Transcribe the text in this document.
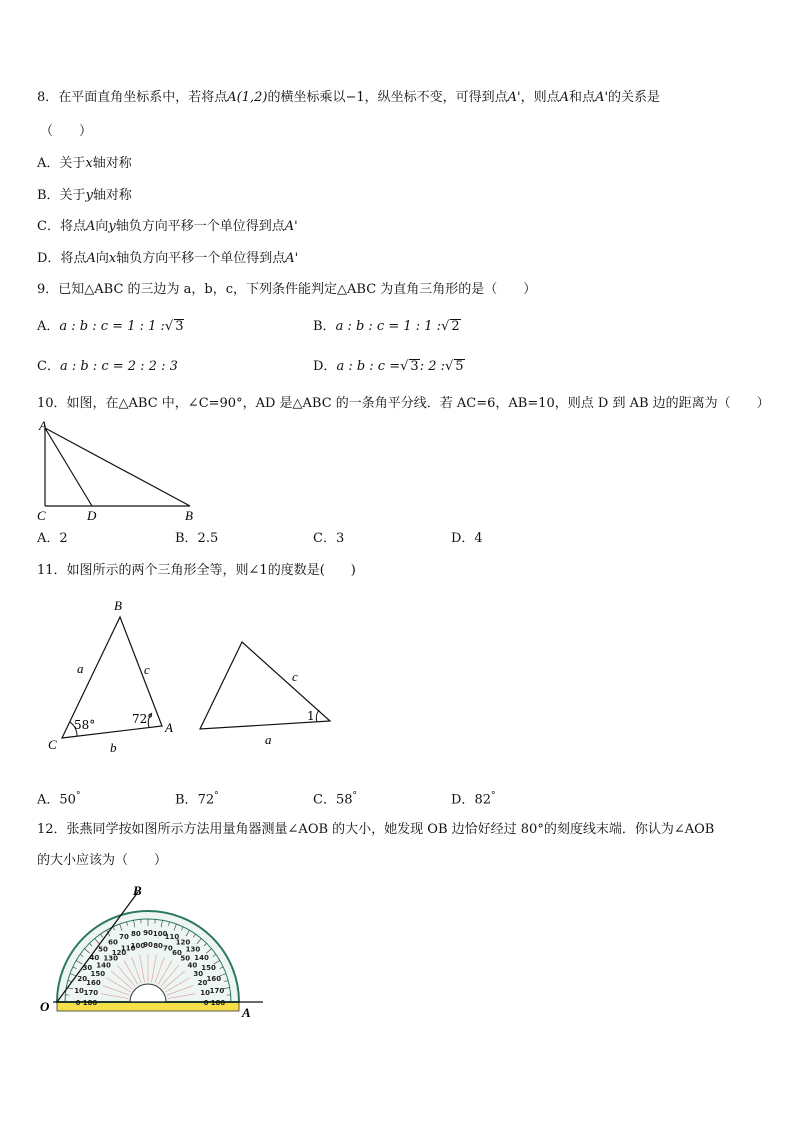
8．在平面直角坐标系中，若将点A(1,2)的横坐标乘以−1，纵坐标不变，可得到点A'，则点A和点A'的关系是
（　　）
A．关于x轴对称
B．关于y轴对称
C．将点A向y轴负方向平移一个单位得到点A'
D．将点A向x轴负方向平移一个单位得到点A'
9．已知△ABC 的三边为 a，b，c，下列条件能判定△ABC 为直角三角形的是（　　）
A．a : b : c = 1 : 1 :√ 3	B．a : b : c = 1 : 1 :√ 2
C．a : b : c = 2 : 2 : 3	D．a : b : c =√ 3: 2 :√ 5
10．如图，在△ABC 中，∠C=90°，AD 是△ABC 的一条角平分线．若 AC=6，AB=10，则点 D 到 AB 边的距离为（　　）
A
C	D	B
A．2	B．2.5	C．3	D．4
11．如图所示的两个三角形全等，则∠1的度数是(　　)
B
C
A
a	c
b
58°	72°
c
a
1
A．50°	B．72°	C．58°	D．82°
12．张燕同学按如图所示方法用量角器测量∠AOB 的大小，她发现 OB 边恰好经过 80°的刻度线末端．你认为∠AOB
的大小应该为（　　）
0
10
20
30
40
50
60
70 80 90 100
110
120
130
140
150
160
170
180
180
170
160
150
140
130
120
110
100
90 80 70
60
50
40
30
20
10
0
B
O	A
